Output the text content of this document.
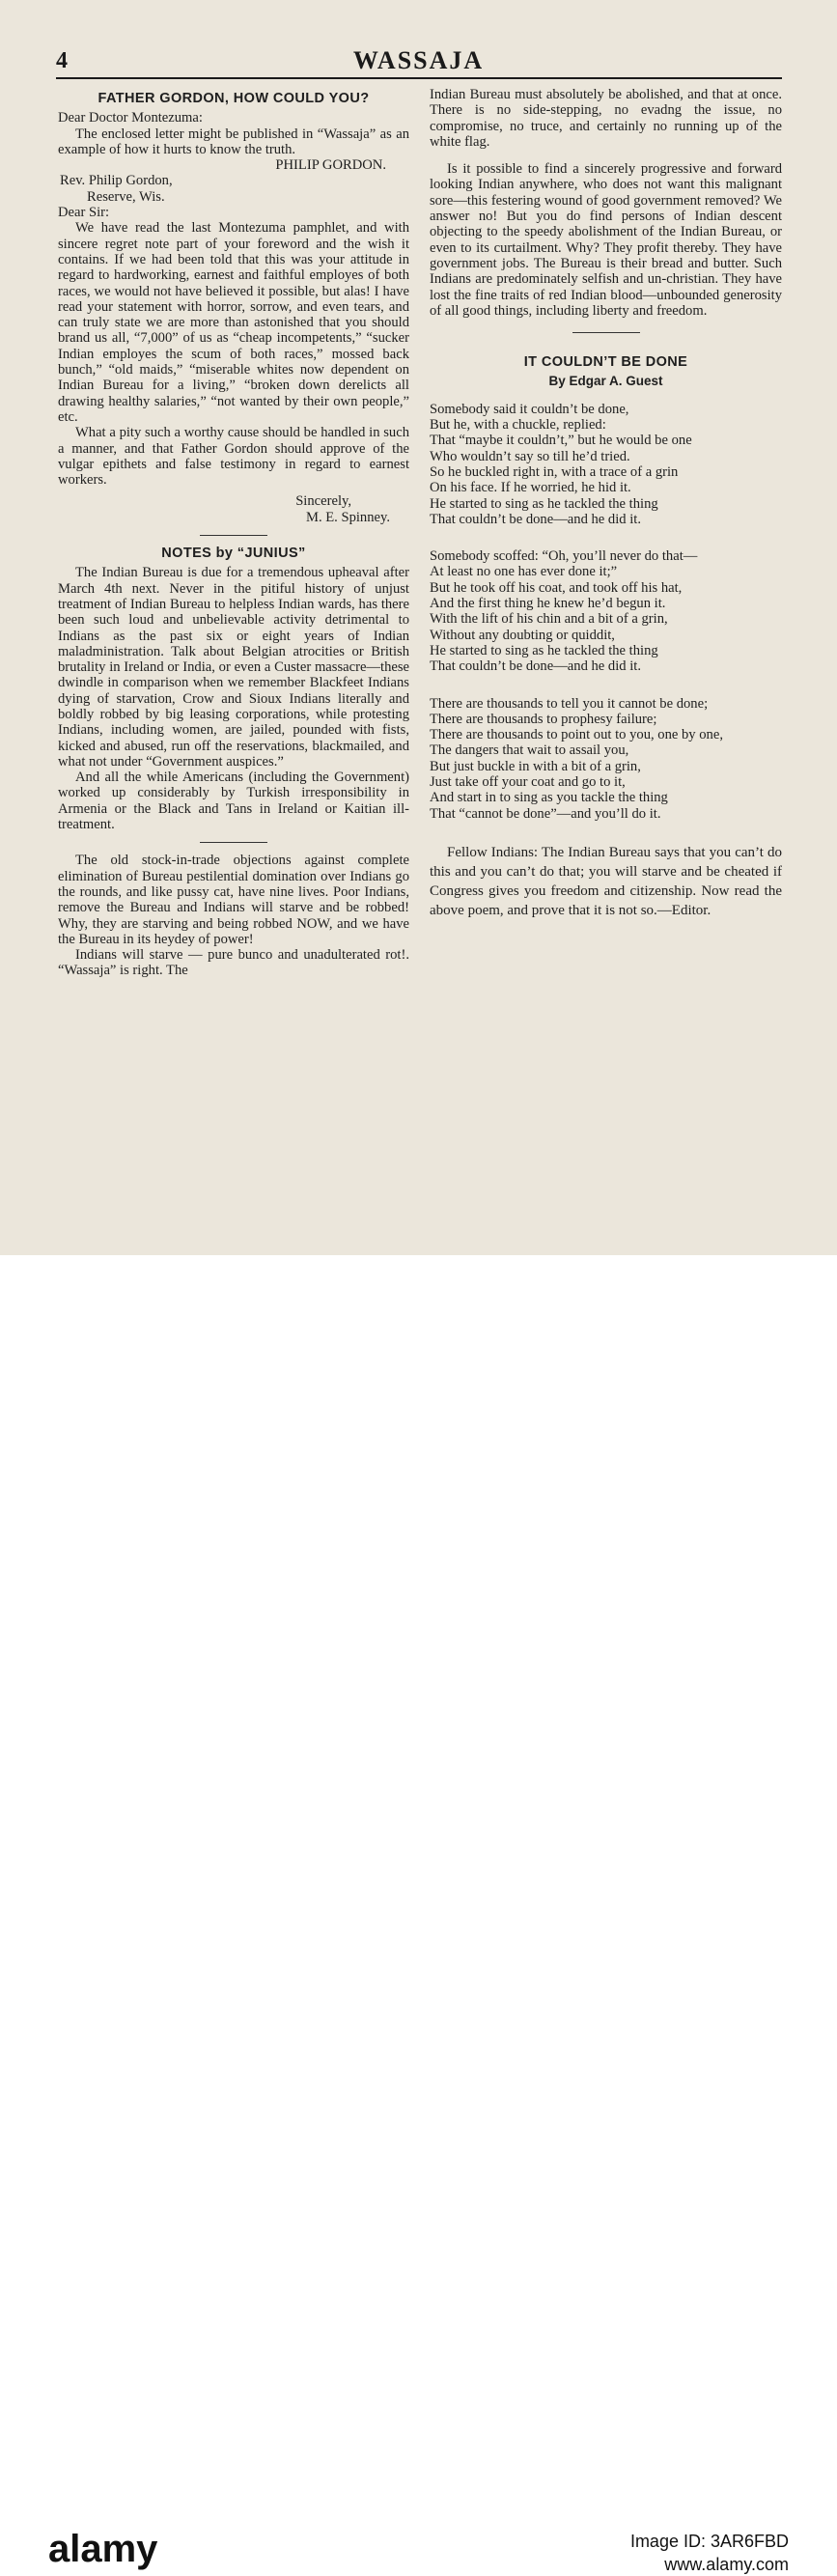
4	WASSAJA
FATHER GORDON, HOW COULD YOU?

Dear Doctor Montezuma:

The enclosed letter might be published in “Wassaja” as an example of how it hurts to know the truth.

PHILIP GORDON.

Rev. Philip Gordon,

Reserve, Wis.

Dear Sir:

We have read the last Montezuma pamphlet, and with sincere regret note part of your foreword and the wish it contains. If we had been told that this was your attitude in regard to hardworking, earnest and faithful employes of both races, we would not have believed it possible, but alas! I have read your statement with horror, sorrow, and even tears, and can truly state we are more than astonished that you should brand us all, “7,000” of us as “cheap incompetents,” “sucker Indian employes the scum of both races,” mossed back bunch,” “old maids,” “miserable whites now dependent on Indian Bureau for a living,” “broken down derelicts all drawing healthy salaries,” “not wanted by their own people,” etc.

What a pity such a worthy cause should be handled in such a manner, and that Father Gordon should approve of the vulgar epithets and false testimony in regard to earnest workers.

Sincerely,

M. E. Spinney.

NOTES by “JUNIUS”

The Indian Bureau is due for a tremendous upheaval after March 4th next. Never in the pitiful history of unjust treatment of Indian Bureau to helpless Indian wards, has there been such loud and unbelievable activity detrimental to Indians as the past six or eight years of Indian maladministration. Talk about Belgian atrocities or British brutality in Ireland or India, or even a Custer massacre—these dwindle in comparison when we remember Blackfeet Indians dying of starvation, Crow and Sioux Indians literally and boldly robbed by big leasing corporations, while protesting Indians, including women, are jailed, pounded with fists, kicked and abused, run off the reservations, blackmailed, and what not under “Government auspices.”

And all the while Americans (including the Government) worked up considerably by Turkish irresponsibility in Armenia or the Black and Tans in Ireland or Kaitian ill-treatment.

The old stock-in-trade objections against complete elimination of Bureau pestilential domination over Indians go the rounds, and like pussy cat, have nine lives. Poor Indians, remove the Bureau and Indians will starve and be robbed! Why, they are starving and being robbed NOW, and we have the Bureau in its heydey of power!

Indians will starve — pure bunco and unadulterated rot!. “Wassaja” is right. The

Indian Bureau must absolutely be abolished, and that at once. There is no side-stepping, no evadng the issue, no compromise, no truce, and certainly no running up of the white flag.

Is it possible to find a sincerely progressive and forward looking Indian anywhere, who does not want this malignant sore—this festering wound of good government removed? We answer no! But you do find persons of Indian descent objecting to the speedy abolishment of the Indian Bureau, or even to its curtailment. Why? They profit thereby. They have government jobs. The Bureau is their bread and butter. Such Indians are predominately selfish and un-christian. They have lost the fine traits of red Indian blood—unbounded generosity of all good things, including liberty and freedom.

IT COULDN’T BE DONE
By Edgar A. Guest

Somebody said it couldn’t be done,

But he, with a chuckle, replied:

That “maybe it couldn’t,” but he would be one

Who wouldn’t say so till he’d tried.

So he buckled right in, with a trace of a grin

On his face. If he worried, he hid it.

He started to sing as he tackled the thing

That couldn’t be done—and he did it.

Somebody scoffed: “Oh, you’ll never do that—

At least no one has ever done it;”

But he took off his coat, and took off his hat,

And the first thing he knew he’d begun it.

With the lift of his chin and a bit of a grin,

Without any doubting or quiddit,

He started to sing as he tackled the thing

That couldn’t be done—and he did it.

There are thousands to tell you it cannot be done;

There are thousands to prophesy failure;

There are thousands to point out to you, one by one,

The dangers that wait to assail you,

But just buckle in with a bit of a grin,

Just take off your coat and go to it,

And start in to sing as you tackle the thing

That “cannot be done”—and you’ll do it.

Fellow Indians: The Indian Bureau says that you can’t do this and you can’t do that; you will starve and be cheated if Congress gives you freedom and citizenship. Now read the above poem, and prove that it is not so.—Editor.

alamy	Image ID: 3AR6FBD
www.alamy.com
